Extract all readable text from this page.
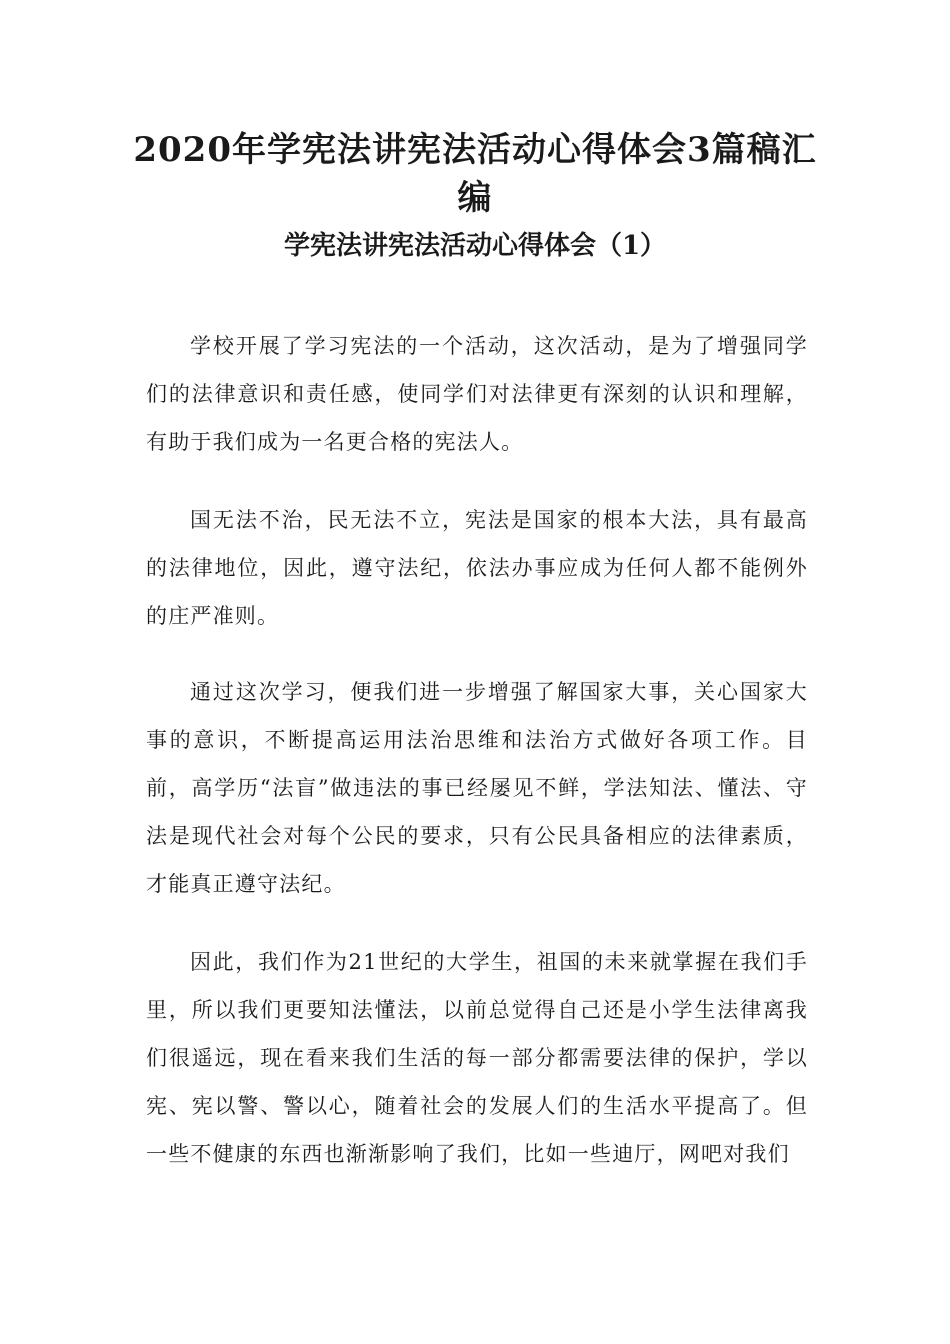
2020年学宪法讲宪法活动心得体会3篇稿汇编
学宪法讲宪法活动心得体会（1）

学校开展了学习宪法的一个活动，这次活动，是为了增强同学们的法律意识和责任感，使同学们对法律更有深刻的认识和理解，有助于我们成为一名更合格的宪法人。

国无法不治，民无法不立，宪法是国家的根本大法，具有最高的法律地位，因此，遵守法纪，依法办事应成为任何人都不能例外的庄严准则。

通过这次学习，便我们进一步增强了解国家大事，关心国家大事的意识，不断提高运用法治思维和法治方式做好各项工作。目前，高学历“法盲”做违法的事已经屡见不鲜，学法知法、懂法、守法是现代社会对每个公民的要求，只有公民具备相应的法律素质，才能真正遵守法纪。

因此，我们作为21世纪的大学生，祖国的未来就掌握在我们手里，所以我们更要知法懂法，以前总觉得自己还是小学生法律离我们很遥远，现在看来我们生活的每一部分都需要法律的保护，学以宪、宪以警、警以心，随着社会的发展人们的生活水平提高了。但一些不健康的东西也渐渐影响了我们，比如一些迪厅，网吧对我们
